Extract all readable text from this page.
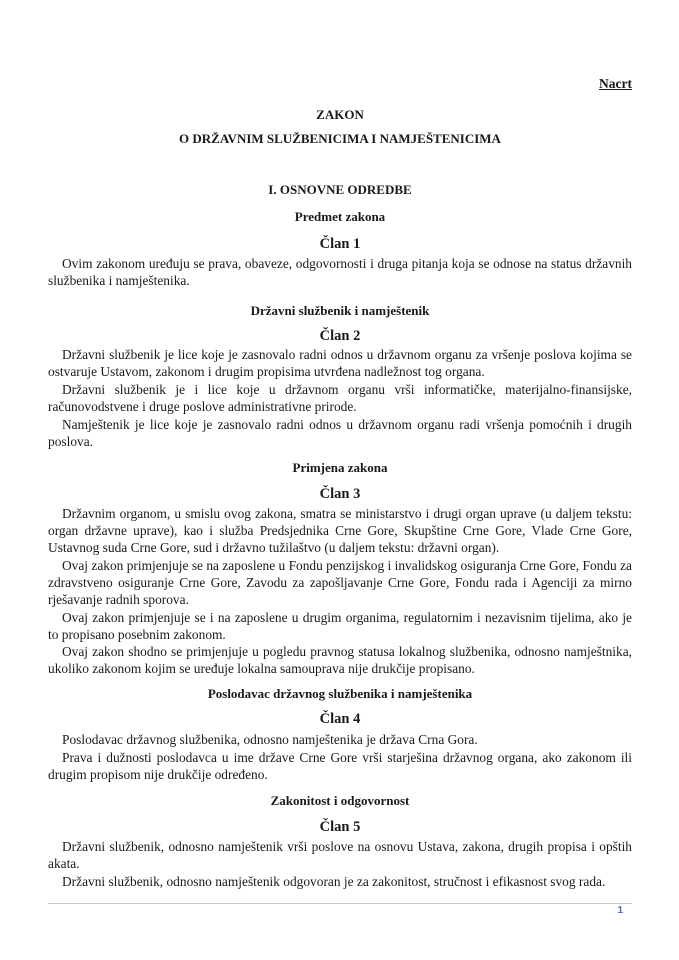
Nacrt
ZAKON
O DRŽAVNIM SLUŽBENICIMA I NAMJEŠTENICIMA
I. OSNOVNE ODREDBE
Predmet zakona
Član 1

Ovim zakonom uređuju se prava, obaveze, odgovornosti i druga pitanja koja se odnose na status državnih službenika i namještenika.

Državni službenik i namještenik
Član 2

Državni službenik je lice koje je zasnovalo radni odnos u državnom organu za vršenje poslova kojima se ostvaruje Ustavom, zakonom i drugim propisima utvrđena nadležnost tog organa.

Državni službenik je i lice koje u državnom organu vrši informatičke, materijalno-finansijske, računovodstvene i druge poslove administrativne prirode.

Namještenik je lice koje je zasnovalo radni odnos u državnom organu radi vršenja pomoćnih i drugih poslova.

Primjena zakona
Član 3

Državnim organom, u smislu ovog zakona, smatra se ministarstvo i drugi organ uprave (u daljem tekstu: organ državne uprave), kao i služba Predsjednika Crne Gore, Skupštine Crne Gore, Vlade Crne Gore, Ustavnog suda Crne Gore, sud i državno tužilaštvo (u daljem tekstu: državni organ).

Ovaj zakon primjenjuje se na zaposlene u Fondu penzijskog i invalidskog osiguranja Crne Gore, Fondu za zdravstveno osiguranje Crne Gore, Zavodu za zapošljavanje Crne Gore, Fondu rada i Agenciji za mirno rješavanje radnih sporova.

Ovaj zakon primjenjuje se i na zaposlene u drugim organima, regulatornim i nezavisnim tijelima, ako je to propisano posebnim zakonom.

Ovaj zakon shodno se primjenjuje u pogledu pravnog statusa lokalnog službenika, odnosno namještnika, ukoliko zakonom kojim se uređuje lokalna samouprava nije drukčije propisano.

Poslodavac državnog službenika i namještenika
Član 4

Poslodavac državnog službenika, odnosno namještenika je država Crna Gora.

Prava i dužnosti poslodavca u ime države Crne Gore vrši starješina državnog organa, ako zakonom ili drugim propisom nije drukčije određeno.

Zakonitost i odgovornost
Član 5

Državni službenik, odnosno namještenik vrši poslove na osnovu Ustava, zakona, drugih propisa i opštih akata.

Državni službenik, odnosno namještenik odgovoran je za zakonitost, stručnost i efikasnost svog rada.

1
